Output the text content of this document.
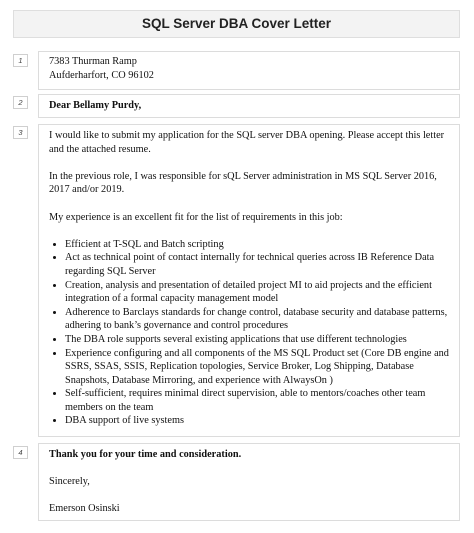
SQL Server DBA Cover Letter
1	7383 Thurman Ramp

Aufderharfort, CO 96102

2	Dear Bellamy Purdy,
3	I would like to submit my application for the SQL server DBA opening. Please accept this letter and the attached resume.

In the previous role, I was responsible for sQL Server administration in MS SQL Server 2016, 2017 and/or 2019.

My experience is an excellent fit for the list of requirements in this job:

• Efficient at T-SQL and Batch scripting
• Act as technical point of contact internally for technical queries across IB Reference Data regarding SQL Server
• Creation, analysis and presentation of detailed project MI to aid projects and the efficient integration of a formal capacity management model
• Adherence to Barclays standards for change control, database security and database patterns, adhering to bank’s governance and control procedures
• The DBA role supports several existing applications that use different technologies
• Experience configuring and all components of the MS SQL Product set (Core DB engine and SSRS, SSAS, SSIS, Replication topologies, Service Broker, Log Shipping, Database Snapshots, Database Mirroring, and experience with AlwaysOn )
• Self-sufficient, requires minimal direct supervision, able to mentors/coaches other team members on the team
• DBA support of live systems
4	Thank you for your time and consideration.

Sincerely,

Emerson Osinski
